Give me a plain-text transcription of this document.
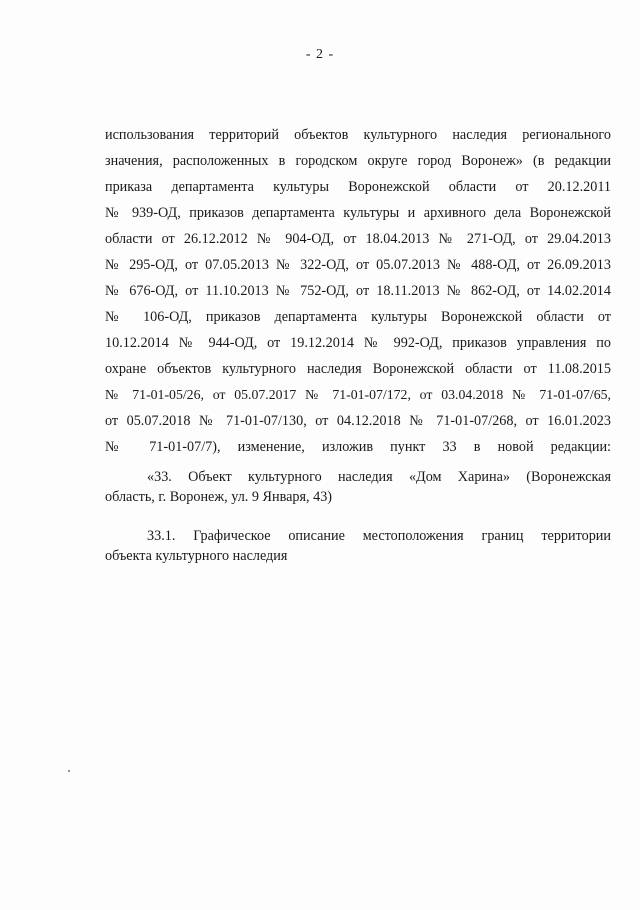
- 2 -
использования территорий объектов культурного наследия регионального
значения, расположенных в городском округе город Воронеж» (в редакции
приказа департамента культуры Воронежской области от 20.12.2011
№ 939-ОД, приказов департамента культуры и архивного дела Воронежской
области от 26.12.2012 № 904-ОД, от 18.04.2013 № 271-ОД, от 29.04.2013
№ 295-ОД, от 07.05.2013 № 322-ОД, от 05.07.2013 № 488-ОД, от 26.09.2013
№ 676-ОД, от 11.10.2013 № 752-ОД, от 18.11.2013 № 862-ОД, от 14.02.2014
№ 106-ОД, приказов департамента культуры Воронежской области от
10.12.2014 № 944-ОД, от 19.12.2014 № 992-ОД, приказов управления по
охране объектов культурного наследия Воронежской области от 11.08.2015
№ 71-01-05/26, от 05.07.2017 № 71-01-07/172, от 03.04.2018 № 71-01-07/65,
от 05.07.2018 № 71-01-07/130, от 04.12.2018 № 71-01-07/268, от 16.01.2023
№ 71-01-07/7), изменение, изложив пункт 33 в новой редакции:
«33. Объект культурного наследия «Дом Харина» (Воронежская
область, г. Воронеж, ул. 9 Января, 43)
33.1. Графическое описание местоположения границ территории
объекта культурного наследия
